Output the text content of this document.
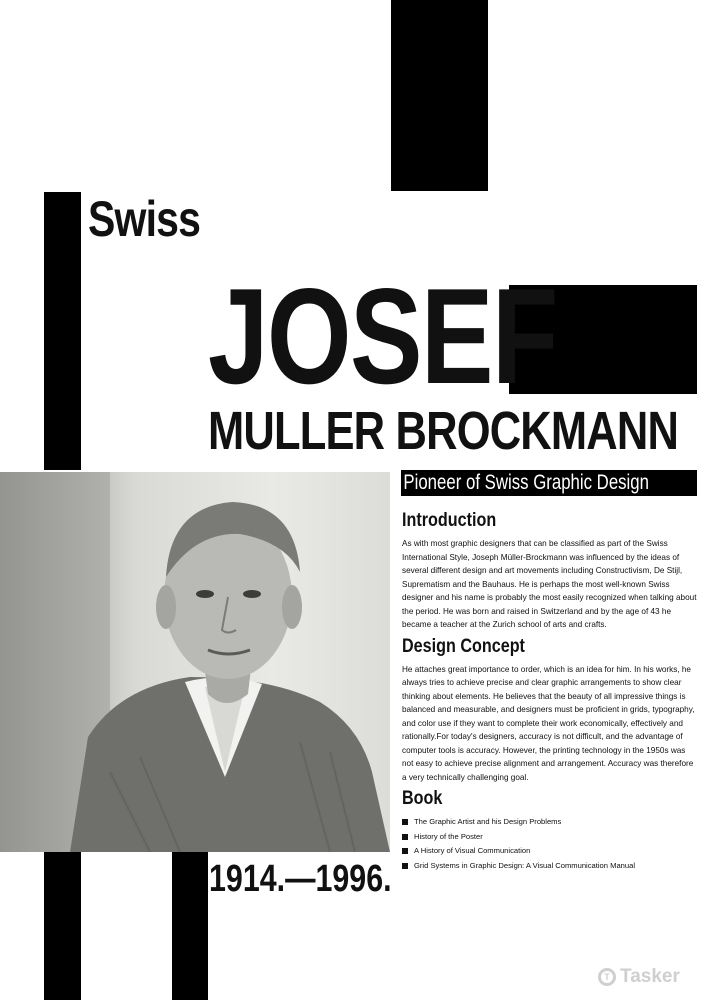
Swiss
JOSEF
MULLER BROCKMANN
Pioneer of Swiss Graphic Design
Introduction

As with most graphic designers that can be classified as part of the Swiss International Style, Joseph Müller-Brockmann was influenced by the ideas of several different design and art movements including Constructivism, De Stijl, Suprematism and the Bauhaus. He is perhaps the most well-known Swiss designer and his name is probably the most easily recognized when talking about the period. He was born and raised in Switzerland and by the age of 43 he became a teacher at the Zurich school of arts and crafts.

Design Concept

He attaches great importance to order, which is an idea for him. In his works, he always tries to achieve precise and clear graphic arrangements to show clear thinking about elements. He believes that the beauty of all impressive things is balanced and measurable, and designers must be proficient in grids, typography, and color use if they want to complete their work economically, effectively and rationally.For today's designers, accuracy is not difficult, and the advantage of computer tools is accuracy. However, the printing technology in the 1950s was not easy to achieve precise alignment and arrangement. Accuracy was therefore a very technically challenging goal.

Book
The Graphic Artist and his Design Problems
History of the Poster
A History of Visual Communication
Grid Systems in Graphic Design: A Visual Communication Manual
1914.—1996.
T Tasker
